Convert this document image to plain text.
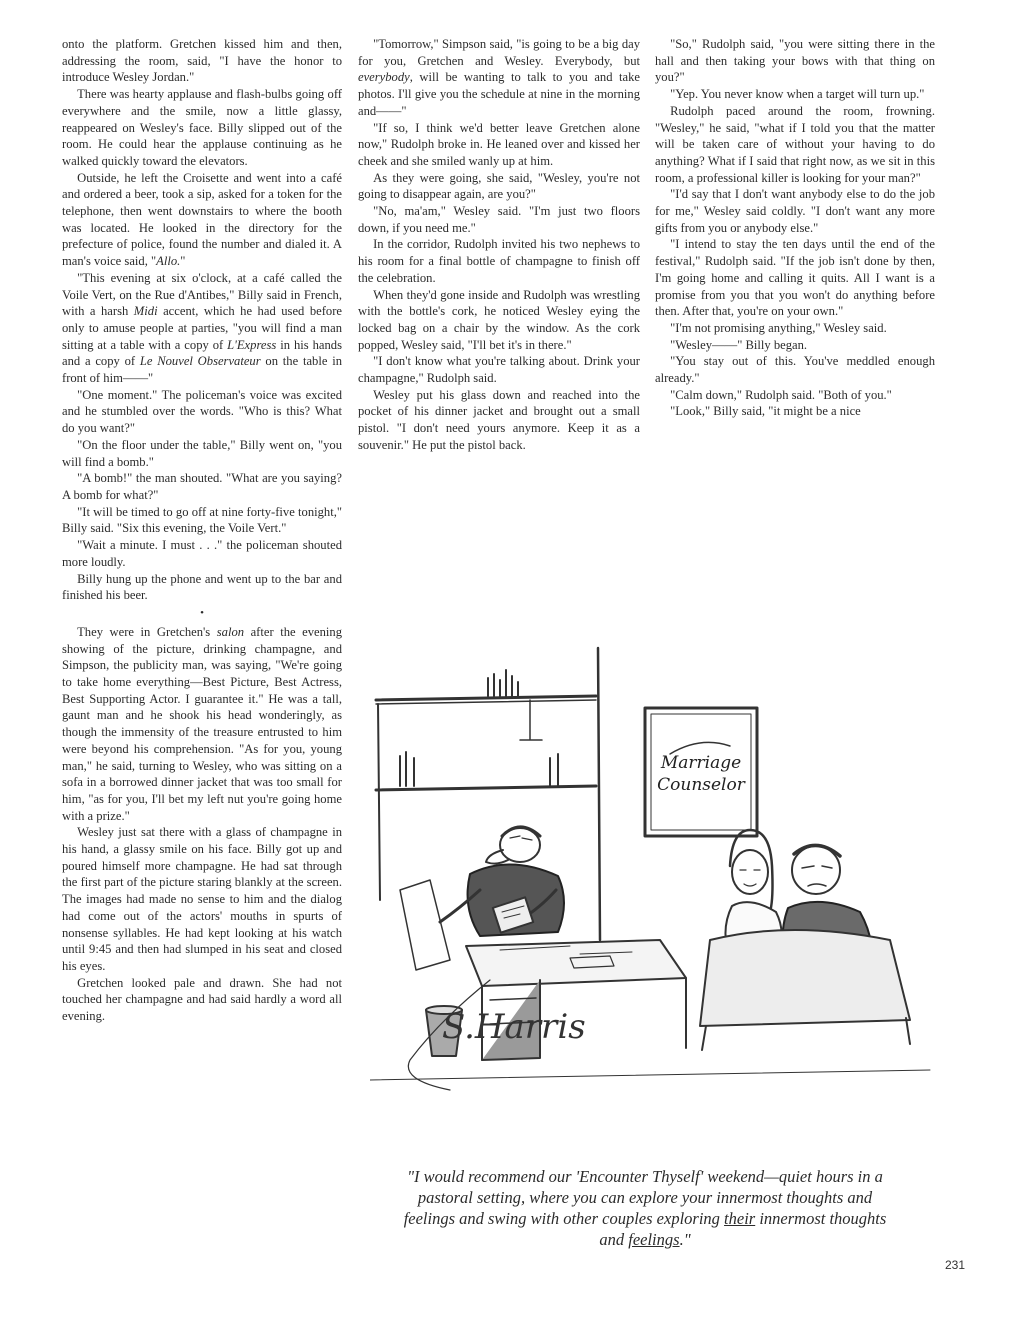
onto the platform. Gretchen kissed him and then, addressing the room, said, "I have the honor to introduce Wesley Jordan."

There was hearty applause and flash-bulbs going off everywhere and the smile, now a little glassy, reappeared on Wesley's face. Billy slipped out of the room. He could hear the applause continuing as he walked quickly toward the elevators.

Outside, he left the Croisette and went into a café and ordered a beer, took a sip, asked for a token for the telephone, then went downstairs to where the booth was located. He looked in the directory for the prefecture of police, found the number and dialed it. A man's voice said, "Allo."

"This evening at six o'clock, at a café called the Voile Vert, on the Rue d'Antibes," Billy said in French, with a harsh Midi accent, which he had used before only to amuse people at parties, "you will find a man sitting at a table with a copy of L'Express in his hands and a copy of Le Nouvel Observateur on the table in front of him——"

"One moment." The policeman's voice was excited and he stumbled over the words. "Who is this? What do you want?"

"On the floor under the table," Billy went on, "you will find a bomb."

"A bomb!" the man shouted. "What are you saying? A bomb for what?"

"It will be timed to go off at nine forty-five tonight," Billy said. "Six this evening, the Voile Vert."

"Wait a minute. I must . . ." the policeman shouted more loudly.

Billy hung up the phone and went up to the bar and finished his beer.

•

They were in Gretchen's salon after the evening showing of the picture, drinking champagne, and Simpson, the publicity man, was saying, "We're going to take home everything—Best Picture, Best Actress, Best Supporting Actor. I guarantee it." He was a tall, gaunt man and he shook his head wonderingly, as though the immensity of the treasure entrusted to him were beyond his comprehension. "As for you, young man," he said, turning to Wesley, who was sitting on a sofa in a borrowed dinner jacket that was too small for him, "as for you, I'll bet my left nut you're going home with a prize."

Wesley just sat there with a glass of champagne in his hand, a glassy smile on his face. Billy got up and poured himself more champagne. He had sat through the first part of the picture staring blankly at the screen. The images had made no sense to him and the dialog had come out of the actors' mouths in spurts of nonsense syllables. He had kept looking at his watch until 9:45 and then had slumped in his seat and closed his eyes.

Gretchen looked pale and drawn. She had not touched her champagne and had said hardly a word all evening.

"Tomorrow," Simpson said, "is going to be a big day for you, Gretchen and Wesley. Everybody, but everybody, will be wanting to talk to you and take photos. I'll give you the schedule at nine in the morning and——"

"If so, I think we'd better leave Gretchen alone now," Rudolph broke in. He leaned over and kissed her cheek and she smiled wanly up at him.

As they were going, she said, "Wesley, you're not going to disappear again, are you?"

"No, ma'am," Wesley said. "I'm just two floors down, if you need me."

In the corridor, Rudolph invited his two nephews to his room for a final bottle of champagne to finish off the celebration.

When they'd gone inside and Rudolph was wrestling with the bottle's cork, he noticed Wesley eying the locked bag on a chair by the window. As the cork popped, Wesley said, "I'll bet it's in there."

"I don't know what you're talking about. Drink your champagne," Rudolph said.

Wesley put his glass down and reached into the pocket of his dinner jacket and brought out a small pistol. "I don't need yours anymore. Keep it as a souvenir." He put the pistol back.

"So," Rudolph said, "you were sitting there in the hall and then taking your bows with that thing on you?"

"Yep. You never know when a target will turn up."

Rudolph paced around the room, frowning. "Wesley," he said, "what if I told you that the matter will be taken care of without your having to do anything? What if I said that right now, as we sit in this room, a professional killer is looking for your man?"

"I'd say that I don't want anybody else to do the job for me," Wesley said coldly. "I don't want any more gifts from you or anybody else."

"I intend to stay the ten days until the end of the festival," Rudolph said. "If the job isn't done by then, I'm going home and calling it quits. All I want is a promise from you that you won't do anything before then. After that, you're on your own."

"I'm not promising anything," Wesley said.

"Wesley——" Billy began.

"You stay out of this. You've meddled enough already."

"Calm down," Rudolph said. "Both of you."

"Look," Billy said, "it might be a nice

Marriage
Counselor
S.Harris
"I would recommend our 'Encounter Thyself' weekend—quiet hours in a pastoral setting, where you can explore your innermost thoughts and feelings and swing with other couples exploring their innermost thoughts and feelings."
231
